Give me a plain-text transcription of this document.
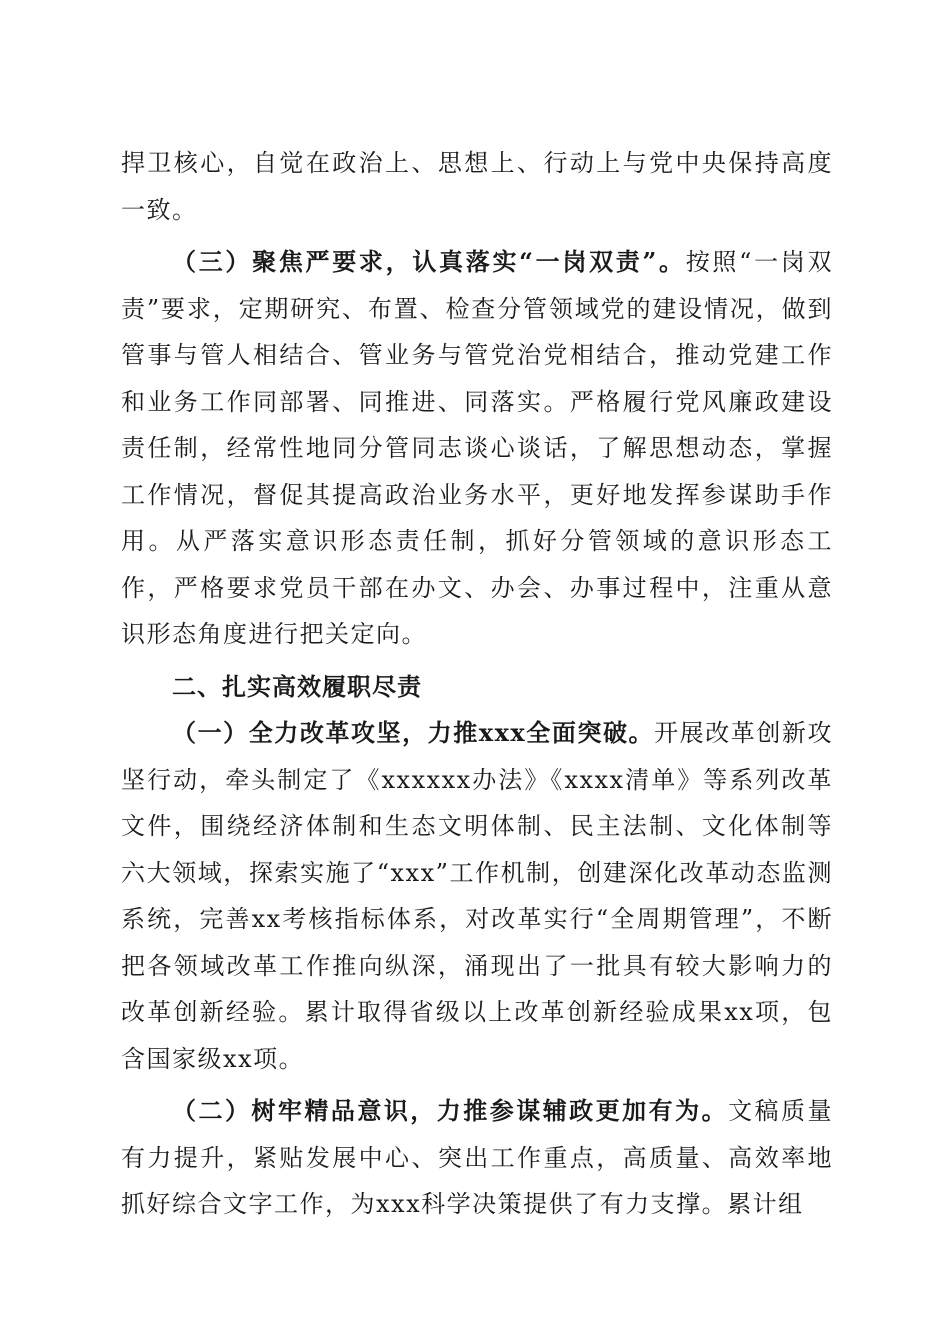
捍卫核心，自觉在政治上、思想上、行动上与党中央保持高度一致。

（三）聚焦严要求，认真落实“一岗双责”。按照“一岗双责”要求，定期研究、布置、检查分管领域党的建设情况，做到管事与管人相结合、管业务与管党治党相结合，推动党建工作和业务工作同部署、同推进、同落实。严格履行党风廉政建设责任制，经常性地同分管同志谈心谈话，了解思想动态，掌握工作情况，督促其提高政治业务水平，更好地发挥参谋助手作用。从严落实意识形态责任制，抓好分管领域的意识形态工作，严格要求党员干部在办文、办会、办事过程中，注重从意识形态角度进行把关定向。

二、扎实高效履职尽责

（一）全力改革攻坚，力推xxx全面突破。开展改革创新攻坚行动，牵头制定了《xxxxxx办法》《xxxx清单》等系列改革文件，围绕经济体制和生态文明体制、民主法制、文化体制等六大领域，探索实施了“xxx”工作机制，创建深化改革动态监测系统，完善xx考核指标体系，对改革实行“全周期管理”，不断把各领域改革工作推向纵深，涌现出了一批具有较大影响力的改革创新经验。累计取得省级以上改革创新经验成果xx项，包含国家级xx项。

（二）树牢精品意识，力推参谋辅政更加有为。文稿质量有力提升，紧贴发展中心、突出工作重点，高质量、高效率地抓好综合文字工作，为xxx科学决策提供了有力支撑。累计组
